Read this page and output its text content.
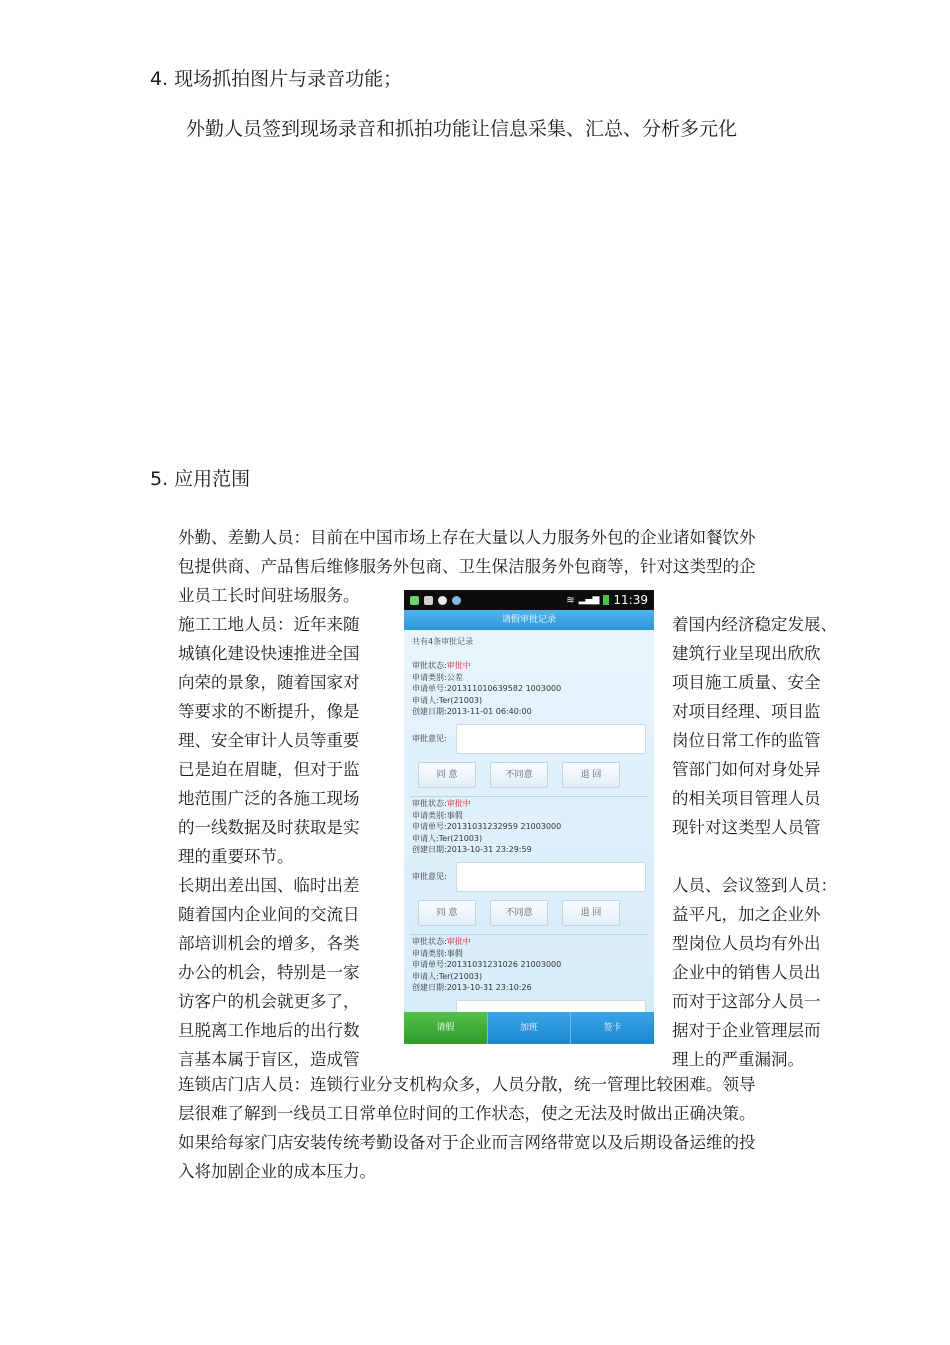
4. 现场抓拍图片与录音功能；
外勤人员签到现场录音和抓拍功能让信息采集、汇总、分析多元化
5. 应用范围
外勤、差勤人员：目前在中国市场上存在大量以人力服务外包的企业诸如餐饮外
包提供商、产品售后维修服务外包商、卫生保洁服务外包商等，针对这类型的企
业员工长时间驻场服务。
施工工地人员：近年来随
城镇化建设快速推进全国
向荣的景象，随着国家对
等要求的不断提升，像是
理、安全审计人员等重要
已是迫在眉睫，但对于监
地范围广泛的各施工现场
的一线数据及时获取是实
理的重要环节。
长期出差出国、临时出差
随着国内企业间的交流日
部培训机会的增多，各类
办公的机会，特别是一家
访客户的机会就更多了，
旦脱离工作地后的出行数
言基本属于盲区，造成管
着国内经济稳定发展、
建筑行业呈现出欣欣
项目施工质量、安全
对项目经理、项目监
岗位日常工作的监管
管部门如何对身处异
的相关项目管理人员
现针对这类型人员管
人员、会议签到人员：
益平凡，加之企业外
型岗位人员均有外出
企业中的销售人员出
而对于这部分人员一
据对于企业管理层而
理上的严重漏洞。
连锁店门店人员：连锁行业分支机构众多，人员分散，统一管理比较困难。领导
层很难了解到一线员工日常单位时间的工作状态，使之无法及时做出正确决策。
如果给每家门店安装传统考勤设备对于企业而言网络带宽以及后期设备运维的投
入将加剧企业的成本压力。
≋ ▂▄▆ 11:39
请假审批记录
共有4条审批记录
审批状态:审批中
申请类别:公差
申请单号:201311010639582 1003000
申请人:Ter(21003)
创建日期:2013-11-01 06:40:00
审批意见:
同 意	不同意	退 回
审批状态:审批中
申请类别:事假
申请单号:20131031232959 21003000
申请人:Ter(21003)
创建日期:2013-10-31 23:29:59
审批意见:
同 意	不同意	退 回
审批状态:审批中
申请类别:事假
申请单号:20131031231026 21003000
申请人:Ter(21003)
创建日期:2013-10-31 23:10:26
请假	加班	签卡
